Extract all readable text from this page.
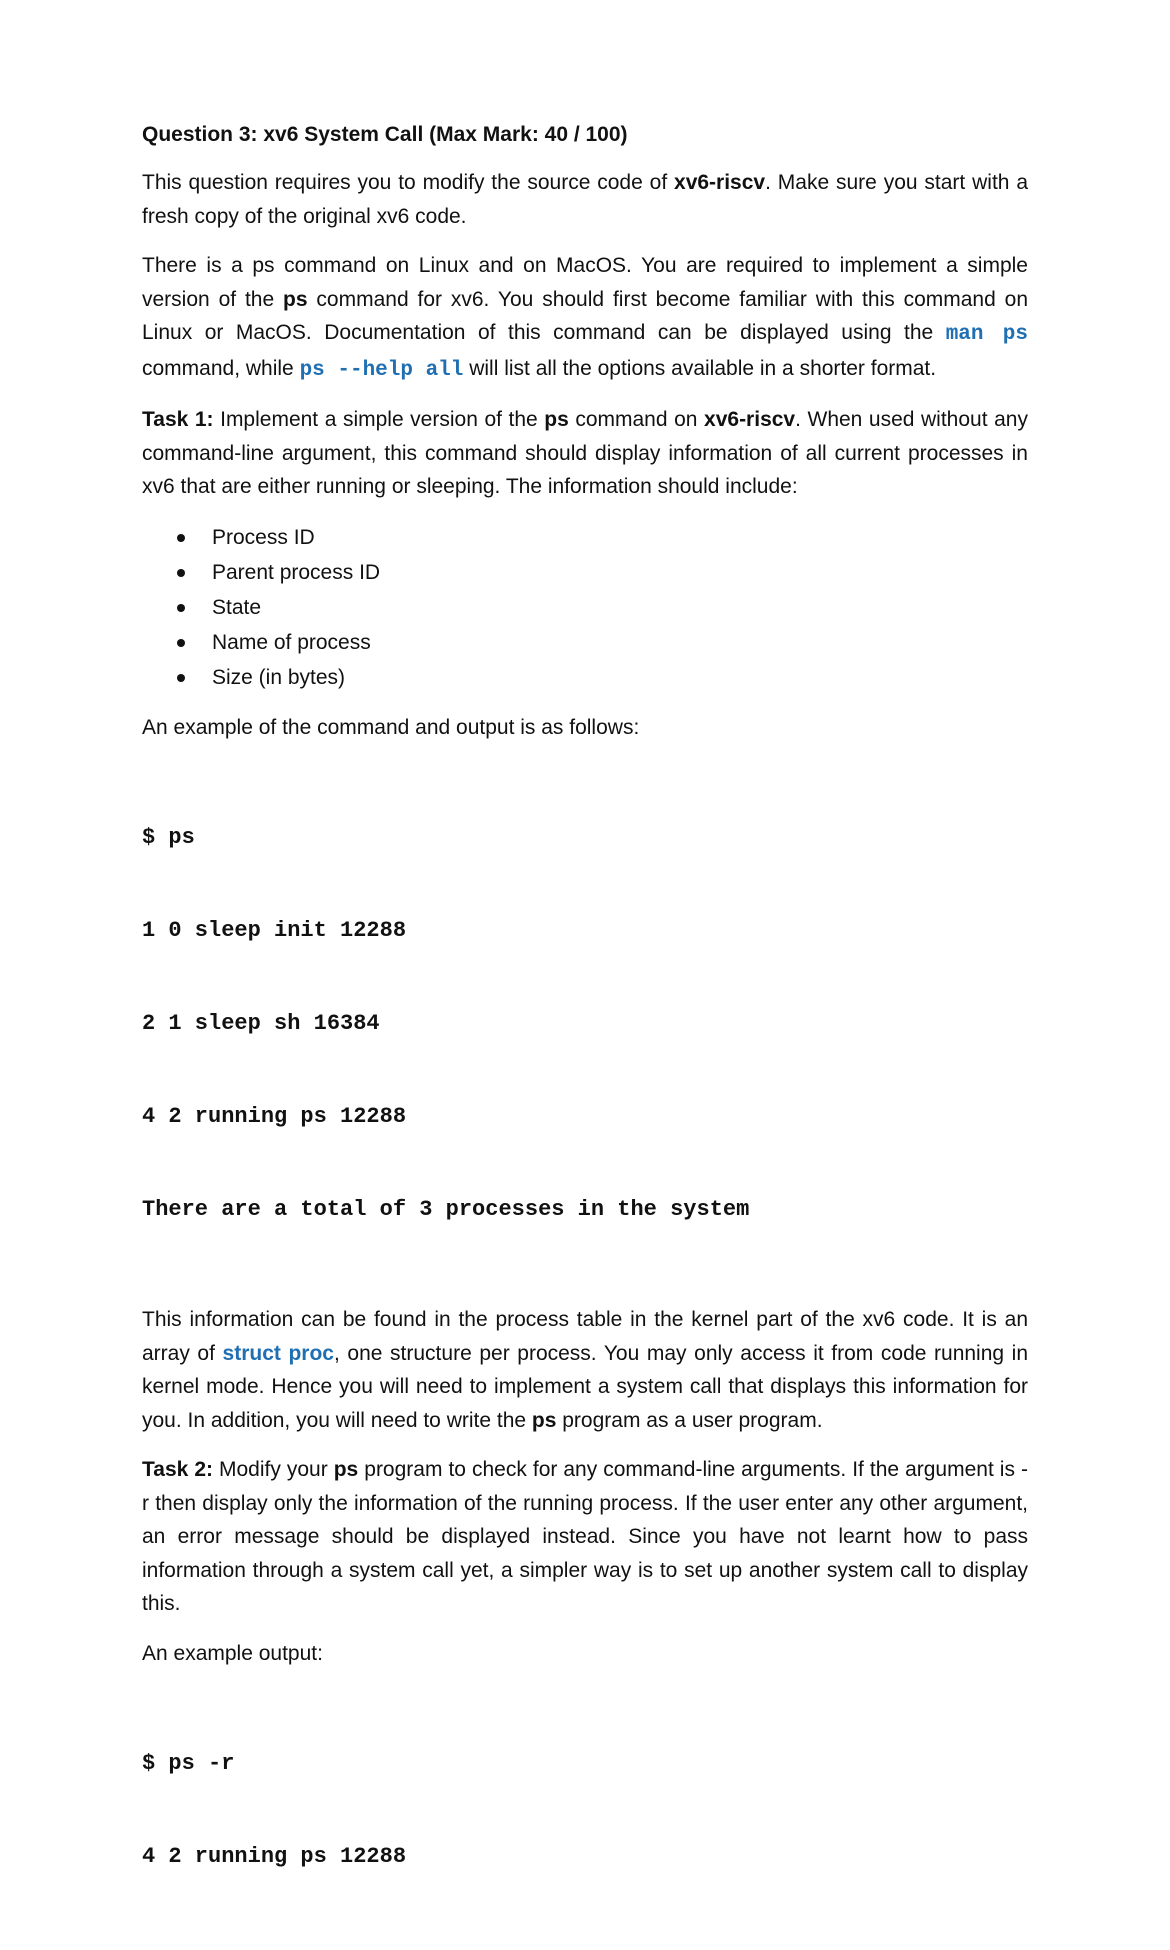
Question 3: xv6 System Call (Max Mark: 40 / 100)

This question requires you to modify the source code of xv6-riscv. Make sure you start with a fresh copy of the original xv6 code.

There is a ps command on Linux and on MacOS. You are required to implement a simple version of the ps command for xv6. You should first become familiar with this command on Linux or MacOS. Documentation of this command can be displayed using the man ps command, while ps --help all will list all the options available in a shorter format.

Task 1: Implement a simple version of the ps command on xv6-riscv. When used without any command-line argument, this command should display information of all current processes in xv6 that are either running or sleeping. The information should include:

Process ID
Parent process ID
State
Name of process
Size (in bytes)

An example of the command and output is as follows:

$ ps

1 0 sleep init 12288

2 1 sleep sh 16384

4 2 running ps 12288

There are a total of 3 processes in the system

This information can be found in the process table in the kernel part of the xv6 code. It is an array of struct proc, one structure per process. You may only access it from code running in kernel mode. Hence you will need to implement a system call that displays this information for you. In addition, you will need to write the ps program as a user program.

Task 2: Modify your ps program to check for any command-line arguments. If the argument is -r then display only the information of the running process. If the user enter any other argument, an error message should be displayed instead. Since you have not learnt how to pass information through a system call yet, a simpler way is to set up another system call to display this.

An example output:

$ ps -r

4 2 running ps 12288
